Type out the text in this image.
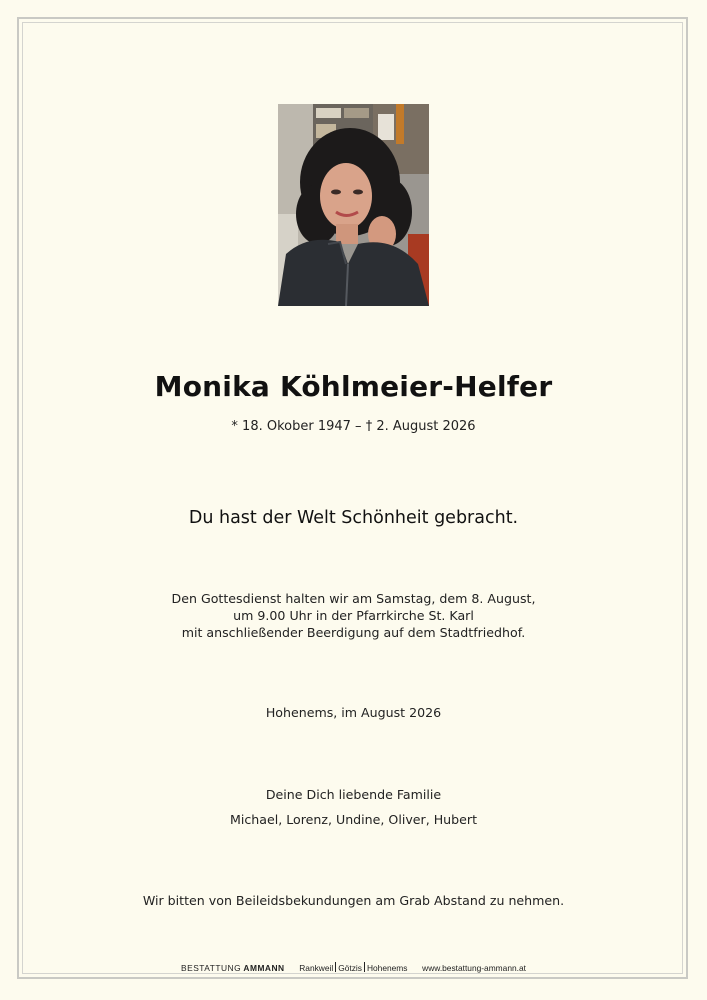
Monika Köhlmeier-Helfer

* 18. Okober 1947 – † 2. August 2026

Du hast der Welt Schönheit gebracht.

Den Gottesdienst halten wir am Samstag, dem 8. August,
um 9.00 Uhr in der Pfarrkirche St. Karl
mit anschließender Beerdigung auf dem Stadtfriedhof.

Hohenems, im August 2026

Deine Dich liebende Familie

Michael, Lorenz, Undine, Oliver, Hubert

Wir bitten von Beileidsbekundungen am Grab Abstand zu nehmen.

BESTATTUNG AMMANN Rankweil Götzis Hohenems www.bestattung-ammann.at
